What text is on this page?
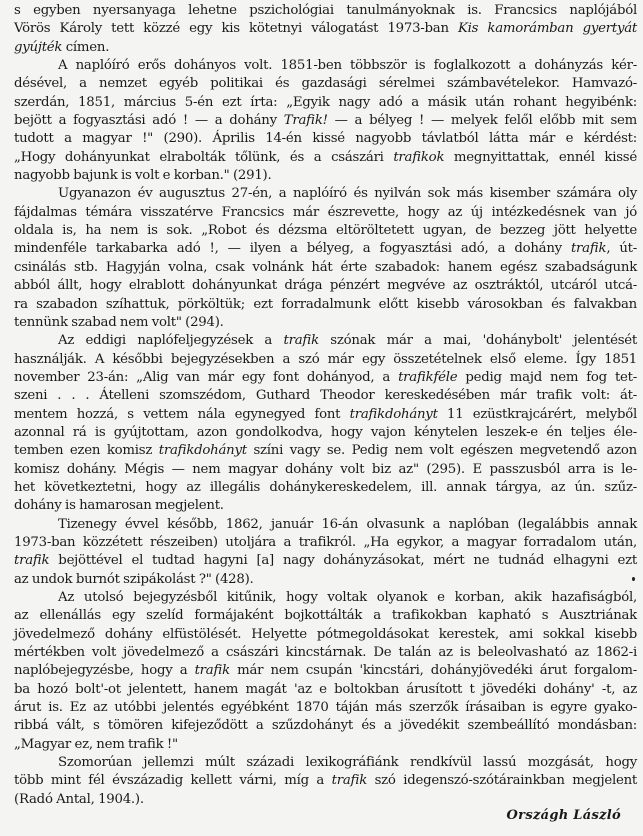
s egyben nyersanyaga lehetne pszichológiai tanulmányoknak is. Francsics naplójából
Vörös Károly tett közzé egy kis kötetnyi válogatást 1973-ban Kis kamorámban gyertyát
gyújték címen.
A naplóíró erős dohányos volt. 1851-ben többször is foglalkozott a dohányzás kér-
désével, a nemzet egyéb politikai és gazdasági sérelmei számbavételekor. Hamvazó-
szerdán, 1851, március 5-én ezt írta: „Egyik nagy adó a másik után rohant hegyibénk:
bejött a fogyasztási adó ! — a dohány Trafik! — a bélyeg ! — melyek felől előbb mit sem
tudott a magyar !" (290). Április 14-én kissé nagyobb távlatból látta már e kérdést:
„Hogy dohányunkat elrabolták tőlünk, és a császári trafikok megnyittattak, ennél kissé
nagyobb bajunk is volt e korban." (291).
Ugyanazon év augusztus 27-én, a naplóíró és nyilván sok más kisember számára oly
fájdalmas témára visszatérve Francsics már észrevette, hogy az új intézkedésnek van jó
oldala is, ha nem is sok. „Robot és dézsma eltöröltetett ugyan, de bezzeg jött helyette
mindenféle tarkabarka adó !, — ilyen a bélyeg, a fogyasztási adó, a dohány trafik, út-
csinálás stb. Hagyján volna, csak volnánk hát érte szabadok: hanem egész szabadságunk
abból állt, hogy elrablott dohányunkat drága pénzért megvéve az osztráktól, utcáról utcá-
ra szabadon szíhattuk, pörköltük; ezt forradalmunk előtt kisebb városokban és falvakban
tennünk szabad nem volt" (294).
Az eddigi naplófeljegyzések a trafik szónak már a mai, 'dohánybolt' jelentését
használják. A későbbi bejegyzésekben a szó már egy összetételnek első eleme. Így 1851
november 23-án: „Alig van már egy font dohányod, a trafikféle pedig majd nem fog tet-
szeni . . . Átelleni szomszédom, Guthard Theodor kereskedésében már trafik volt: át-
mentem hozzá, s vettem nála egynegyed font trafikdohányt 11 ezüstkrajcárért, melyből
azonnal rá is gyújtottam, azon gondolkodva, hogy vajon kénytelen leszek-e én teljes éle-
temben ezen komisz trafikdohányt színi vagy se. Pedig nem volt egészen megvetendő azon
komisz dohány. Mégis — nem magyar dohány volt biz az" (295). E passzusból arra is le-
het következtetni, hogy az illegális dohánykereskedelem, ill. annak tárgya, az ún. szűz-
dohány is hamarosan megjelent.
Tizenegy évvel később, 1862, január 16-án olvasunk a naplóban (legalábbis annak
1973-ban közzétett részeiben) utoljára a trafikról. „Ha egykor, a magyar forradalom után,
trafik bejöttével el tudtad hagyni [a] nagy dohányzásokat, mért ne tudnád elhagyni ezt
az undok burnót szipákolást ?" (428).
Az utolsó bejegyzésből kitűnik, hogy voltak olyanok e korban, akik hazafiságból,
az ellenállás egy szelíd formájaként bojkottálták a trafikokban kapható s Ausztriának
jövedelmező dohány elfüstölését. Helyette pótmegoldásokat kerestek, ami sokkal kisebb
mértékben volt jövedelmező a császári kincstárnak. De talán az is beleolvasható az 1862-i
naplóbejegyzésbe, hogy a trafik már nem csupán 'kincstári, dohányjövedéki árut forgalom-
ba hozó bolt'-ot jelentett, hanem magát 'az e boltokban árusított t jövedéki dohány' -t, az
árut is. Ez az utóbbi jelentés egyébként 1870 táján más szerzők írásaiban is egyre gyako-
ribbá vált, s tömören kifejeződött a szűzdohányt és a jövedékit szembeállító mondásban:
„Magyar ez, nem trafik !"
Szomorúan jellemzi múlt századi lexikográfiánk rendkívül lassú mozgását, hogy
több mint fél évszázadig kellett várni, míg a trafik szó idegenszó-szótárainkban megjelent
(Radó Antal, 1904.).
Országh László
